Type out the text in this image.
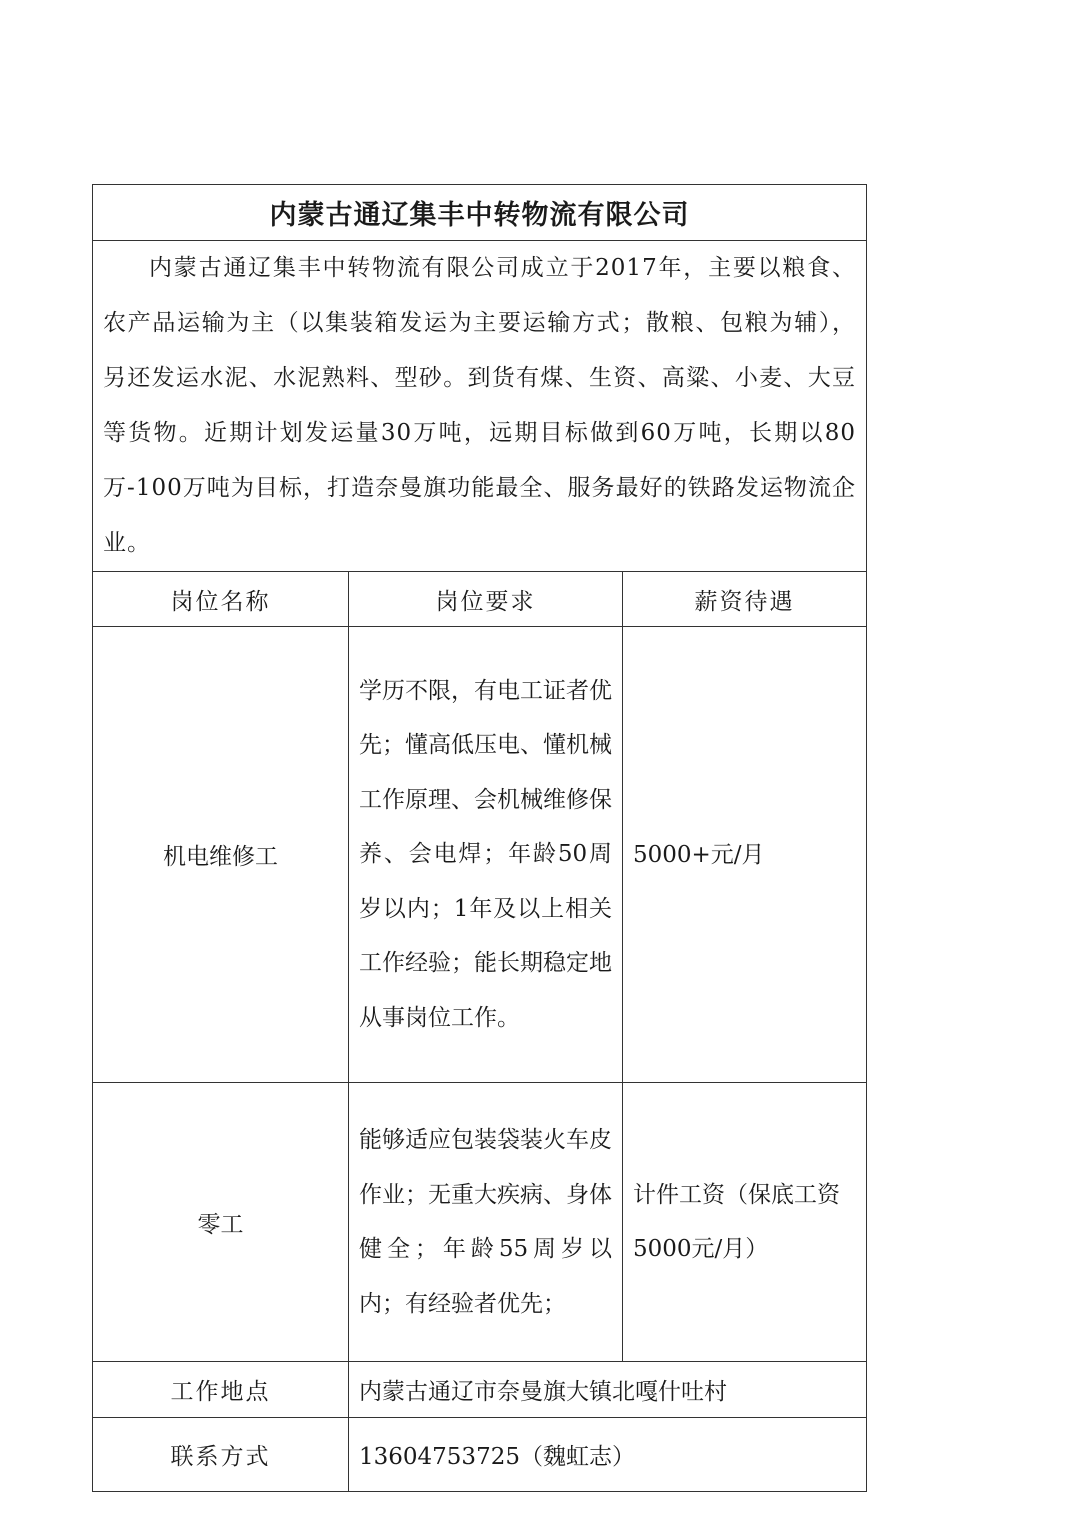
内蒙古通辽集丰中转物流有限公司		

内蒙古通辽集丰中转物流有限公司成立于2017年，主要以粮食、农产品运输为主（以集装箱发运为主要运输方式；散粮、包粮为辅），另还发运水泥、水泥熟料、型砂。到货有煤、生资、高粱、小麦、大豆等货物。近期计划发运量30万吨，远期目标做到60万吨，长期以80万-100万吨为目标，打造奈曼旗功能最全、服务最好的铁路发运物流企业。		

岗位名称	岗位要求	薪资待遇
机电维修工	学历不限，有电工证者优先；懂高低压电、懂机械工作原理、会机械维修保养、会电焊；年龄50周岁以内；1年及以上相关工作经验；能长期稳定地从事岗位工作。	5000+元/月
零工	能够适应包装袋装火车皮作业；无重大疾病、身体健全；年龄55周岁以内；有经验者优先；	计件工资（保底工资5000元/月）
工作地点	内蒙古通辽市奈曼旗大镇北嘎什吐村	
联系方式	13604753725（魏虹志）	
